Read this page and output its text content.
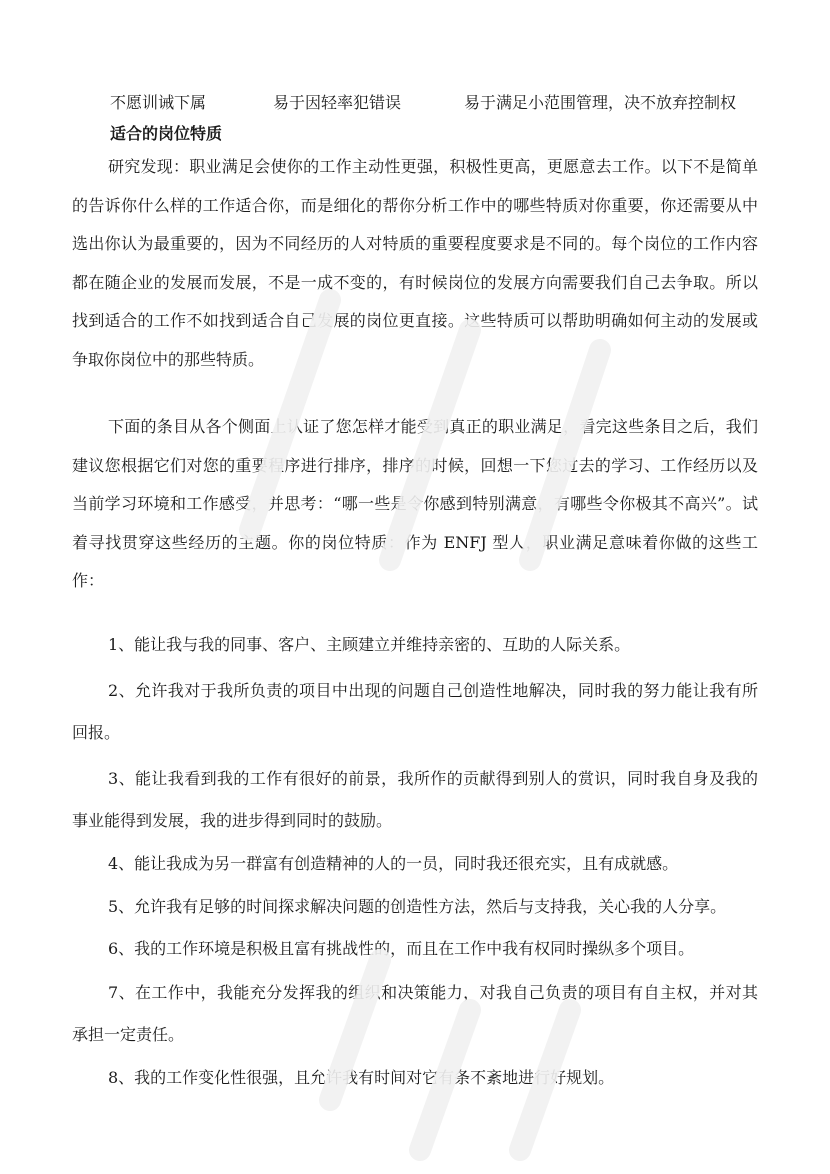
不愿训诫下属	易于因轻率犯错误	易于满足小范围管理，决不放弃控制权
适合的岗位特质

研究发现：职业满足会使你的工作主动性更强，积极性更高，更愿意去工作。以下不是简单的告诉你什么样的工作适合你，而是细化的帮你分析工作中的哪些特质对你重要，你还需要从中选出你认为最重要的，因为不同经历的人对特质的重要程度要求是不同的。每个岗位的工作内容都在随企业的发展而发展，不是一成不变的，有时候岗位的发展方向需要我们自己去争取。所以找到适合的工作不如找到适合自己发展的岗位更直接。这些特质可以帮助明确如何主动的发展或争取你岗位中的那些特质。

下面的条目从各个侧面上认证了您怎样才能受到真正的职业满足，看完这些条目之后，我们建议您根据它们对您的重要程序进行排序，排序的时候，回想一下您过去的学习、工作经历以及当前学习环境和工作感受，并思考：“哪一些是令你感到特别满意，有哪些令你极其不高兴”。试着寻找贯穿这些经历的主题。你的岗位特质：作为 ENFJ 型人，职业满足意味着你做的这些工作：

1、能让我与我的同事、客户、主顾建立并维持亲密的、互助的人际关系。

2、允许我对于我所负责的项目中出现的问题自己创造性地解决，同时我的努力能让我有所回报。

3、能让我看到我的工作有很好的前景，我所作的贡献得到别人的赏识，同时我自身及我的事业能得到发展，我的进步得到同时的鼓励。

4、能让我成为另一群富有创造精神的人的一员，同时我还很充实，且有成就感。

5、允许我有足够的时间探求解决问题的创造性方法，然后与支持我，关心我的人分享。

6、我的工作环境是积极且富有挑战性的，而且在工作中我有权同时操纵多个项目。

7、在工作中，我能充分发挥我的组织和决策能力，对我自己负责的项目有自主权，并对其承担一定责任。

8、我的工作变化性很强，且允许我有时间对它有条不紊地进行好规划。
